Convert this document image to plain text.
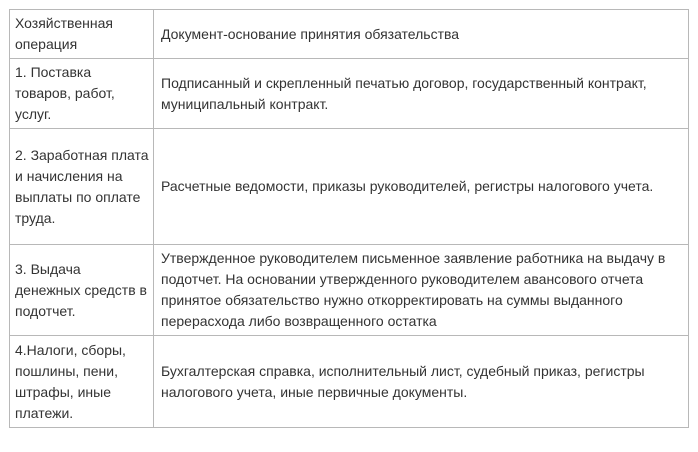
Хозяйственная операция	Документ-основание принятия обязательства
1. Поставка товаров, работ, услуг.	Подписанный и скрепленный печатью договор, государственный контракт, муниципальный контракт.
2. Заработная плата и начисления на выплаты по оплате труда.	Расчетные ведомости, приказы руководителей, регистры налогового учета.
3. Выдача денежных средств в подотчет.	Утвержденное руководителем письменное заявление работника на выдачу в подотчет. На основании утвержденного руководителем авансового отчета принятое обязательство нужно откорректировать на суммы выданного перерасхода либо возвращенного остатка
4.Налоги, сборы, пошлины, пени, штрафы, иные платежи.	Бухгалтерская справка, исполнительный лист, судебный приказ, регистры налогового учета, иные первичные документы.
